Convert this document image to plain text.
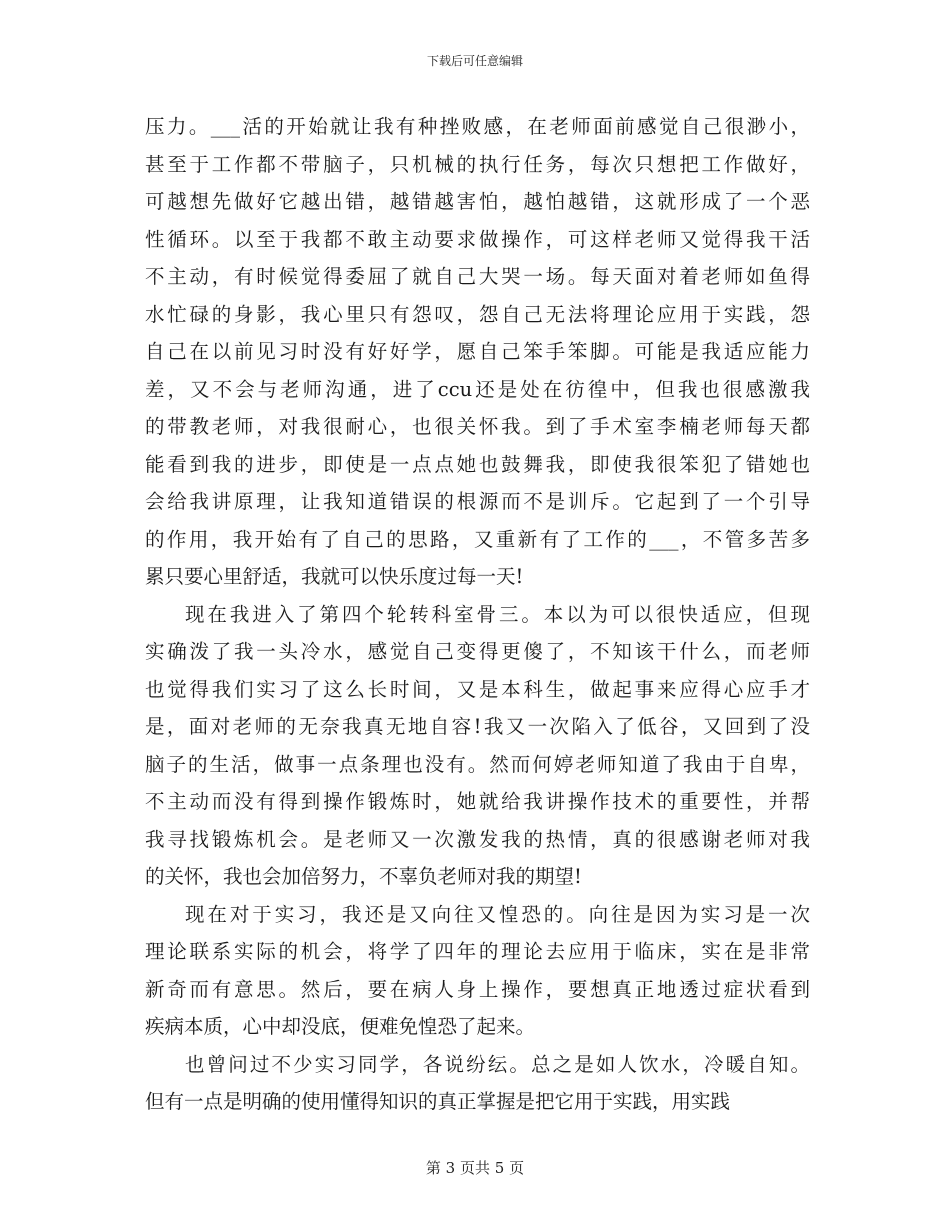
下载后可任意编辑
压力。___活的开始就让我有种挫败感，在老师面前感觉自己很渺小，
甚至于工作都不带脑子，只机械的执行任务，每次只想把工作做好，
可越想先做好它越出错，越错越害怕，越怕越错，这就形成了一个恶
性循环。以至于我都不敢主动要求做操作，可这样老师又觉得我干活
不主动，有时候觉得委屈了就自己大哭一场。每天面对着老师如鱼得
水忙碌的身影，我心里只有怨叹，怨自己无法将理论应用于实践，怨
自己在以前见习时没有好好学，愿自己笨手笨脚。可能是我适应能力
差，又不会与老师沟通，进了ccu还是处在彷徨中，但我也很感激我
的带教老师，对我很耐心，也很关怀我。到了手术室李楠老师每天都
能看到我的进步，即使是一点点她也鼓舞我，即使我很笨犯了错她也
会给我讲原理，让我知道错误的根源而不是训斥。它起到了一个引导
的作用，我开始有了自己的思路，又重新有了工作的___，不管多苦多
累只要心里舒适，我就可以快乐度过每一天!
现在我进入了第四个轮转科室骨三。本以为可以很快适应，但现
实确泼了我一头冷水，感觉自己变得更傻了，不知该干什么，而老师
也觉得我们实习了这么长时间，又是本科生，做起事来应得心应手才
是，面对老师的无奈我真无地自容!我又一次陷入了低谷，又回到了没
脑子的生活，做事一点条理也没有。然而何婷老师知道了我由于自卑，
不主动而没有得到操作锻炼时，她就给我讲操作技术的重要性，并帮
我寻找锻炼机会。是老师又一次激发我的热情，真的很感谢老师对我
的关怀，我也会加倍努力，不辜负老师对我的期望!
现在对于实习，我还是又向往又惶恐的。向往是因为实习是一次
理论联系实际的机会，将学了四年的理论去应用于临床，实在是非常
新奇而有意思。然后，要在病人身上操作，要想真正地透过症状看到
疾病本质，心中却没底，便难免惶恐了起来。
也曾问过不少实习同学，各说纷纭。总之是如人饮水，冷暖自知。
但有一点是明确的使用懂得知识的真正掌握是把它用于实践，用实践
第 3 页共 5 页
